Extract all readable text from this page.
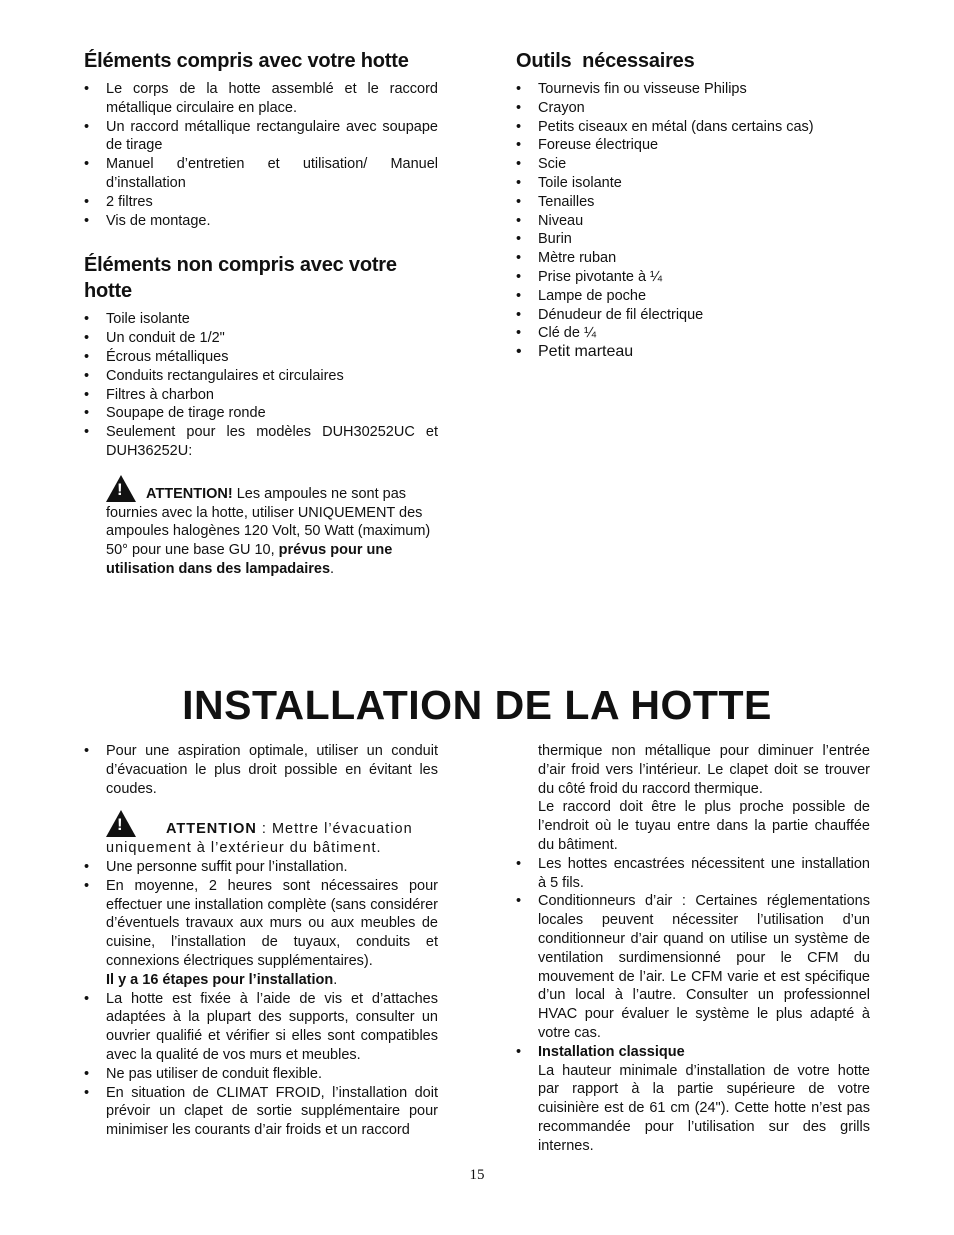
Éléments compris avec votre hotte
• Le corps de la hotte assemblé et le raccord métallique circulaire en place.
• Un raccord métallique rectangulaire avec soupape de tirage
• Manuel d’entretien et utilisation/ Manuel d’installation
• 2 filtres
• Vis de montage.
Éléments non compris avec votre hotte
• Toile isolante
• Un conduit de 1/2"
• Écrous métalliques
• Conduits rectangulaires et circulaires
• Filtres à charbon
• Soupape de tirage ronde
• Seulement pour les modèles DUH30252UC et DUH36252U:
!ATTENTION! Les ampoules ne sont pas fournies avec la hotte, utiliser UNIQUEMENT des ampoules halogènes 120 Volt, 50 Watt (maximum) 50° pour une base GU 10, prévus pour une utilisation dans des lampadaires.
Outils  nécessaires
• Tournevis fin ou visseuse Philips
• Crayon
• Petits ciseaux en métal (dans certains cas)
• Foreuse électrique
• Scie
• Toile isolante
• Tenailles
• Niveau
• Burin
• Mètre ruban
• Prise pivotante à ¼
• Lampe de poche
• Dénudeur de fil électrique
• Clé de ¼
• Petit marteau
INSTALLATION DE LA HOTTE
• Pour une aspiration optimale, utiliser un conduit d’évacuation le plus droit possible en évitant les coudes.
!ATTENTION : Mettre l’évacuation uniquement à l’extérieur du bâtiment.
• Une personne suffit pour l’installation.
• En moyenne, 2 heures sont nécessaires pour effectuer une installation complète (sans considérer d’éventuels travaux aux murs ou aux meubles de cuisine, l’installation de tuyaux, conduits et connexions électriques supplémentaires).
Il y a 16 étapes pour l’installation.
• La hotte est fixée à l’aide de vis et d’attaches adaptées à la plupart des supports, consulter un ouvrier qualifié et vérifier si elles sont compatibles avec la qualité de vos murs et meubles.
• Ne pas utiliser de conduit flexible.
• En situation de CLIMAT FROID, l’installation doit prévoir un clapet de sortie supplémentaire pour minimiser les courants d’air froids et un raccord
thermique non métallique pour diminuer l’entrée d’air froid vers l’intérieur. Le clapet doit se trouver du côté froid du raccord thermique.
Le raccord doit être le plus proche possible de l’endroit où le tuyau entre dans la partie chauffée du bâtiment.
• Les hottes encastrées nécessitent une installation à 5 fils.
• Conditionneurs d’air : Certaines réglementations locales peuvent nécessiter l’utilisation d’un conditionneur d’air quand on utilise un système de ventilation surdimensionné pour le CFM du mouvement de l’air. Le CFM varie et est spécifique d’un local à l’autre. Consulter un professionnel HVAC pour évaluer le système le plus adapté à votre cas.
• Installation classique
La hauteur minimale d’installation de votre hotte par rapport à la partie supérieure de votre cuisinière est de 61 cm (24"). Cette hotte n’est pas recommandée pour l’utilisation sur des grills internes.
15
